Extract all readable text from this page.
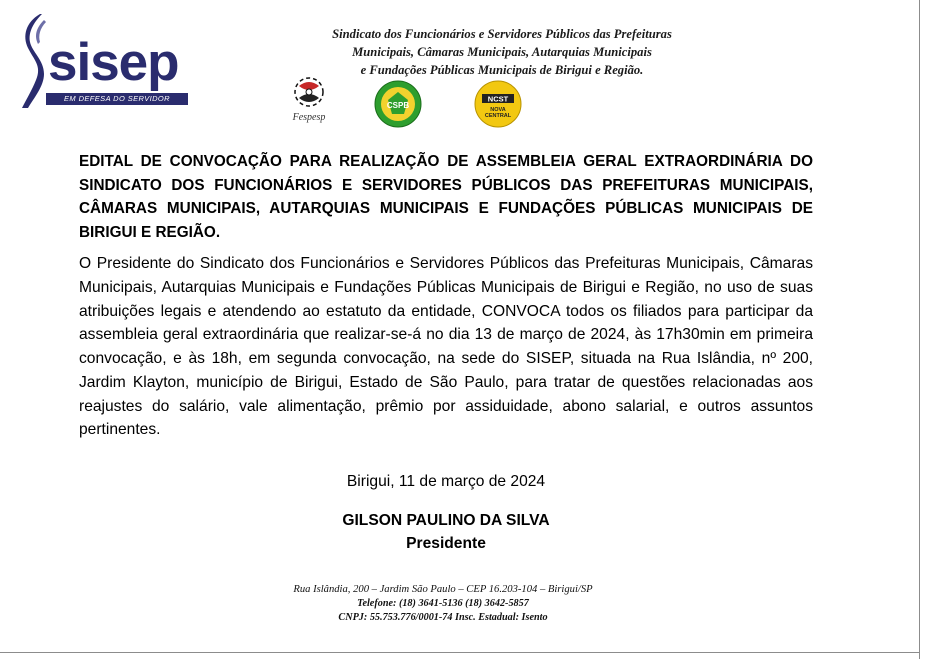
sisep
EM DEFESA DO SERVIDOR
Sindicato dos Funcionários e Servidores Públicos das Prefeituras
Municipais, Câmaras Municipais, Autarquias Municipais
e Fundações Públicas Municipais de Birigui e Região.
Fespesp
CSPB
NCST
NOVA
CENTRAL

EDITAL DE CONVOCAÇÃO PARA REALIZAÇÃO DE ASSEMBLEIA GERAL EXTRAORDINÁRIA DO SINDICATO DOS FUNCIONÁRIOS E SERVIDORES PÚBLICOS DAS PREFEITURAS MUNICIPAIS, CÂMARAS MUNICIPAIS, AUTARQUIAS MUNICIPAIS E FUNDAÇÕES PÚBLICAS MUNICIPAIS DE BIRIGUI E REGIÃO.

O Presidente do Sindicato dos Funcionários e Servidores Públicos das Prefeituras Municipais, Câmaras Municipais, Autarquias Municipais e Fundações Públicas Municipais de Birigui e Região, no uso de suas atribuições legais e atendendo ao estatuto da entidade, CONVOCA todos os filiados para participar da assembleia geral extraordinária que realizar-se-á no dia 13 de março de 2024, às 17h30min em primeira convocação, e às 18h, em segunda convocação, na sede do SISEP, situada na Rua Islândia, nº 200, Jardim Klayton, município de Birigui, Estado de São Paulo, para tratar de questões relacionadas aos reajustes do salário, vale alimentação, prêmio por assiduidade, abono salarial, e outros assuntos pertinentes.

Birigui, 11 de março de 2024
GILSON PAULINO DA SILVA
Presidente
Rua Islândia, 200 – Jardim São Paulo – CEP 16.203-104 – Birigui/SP
Telefone: (18) 3641-5136 (18) 3642-5857
CNPJ: 55.753.776/0001-74 Insc. Estadual: Isento
